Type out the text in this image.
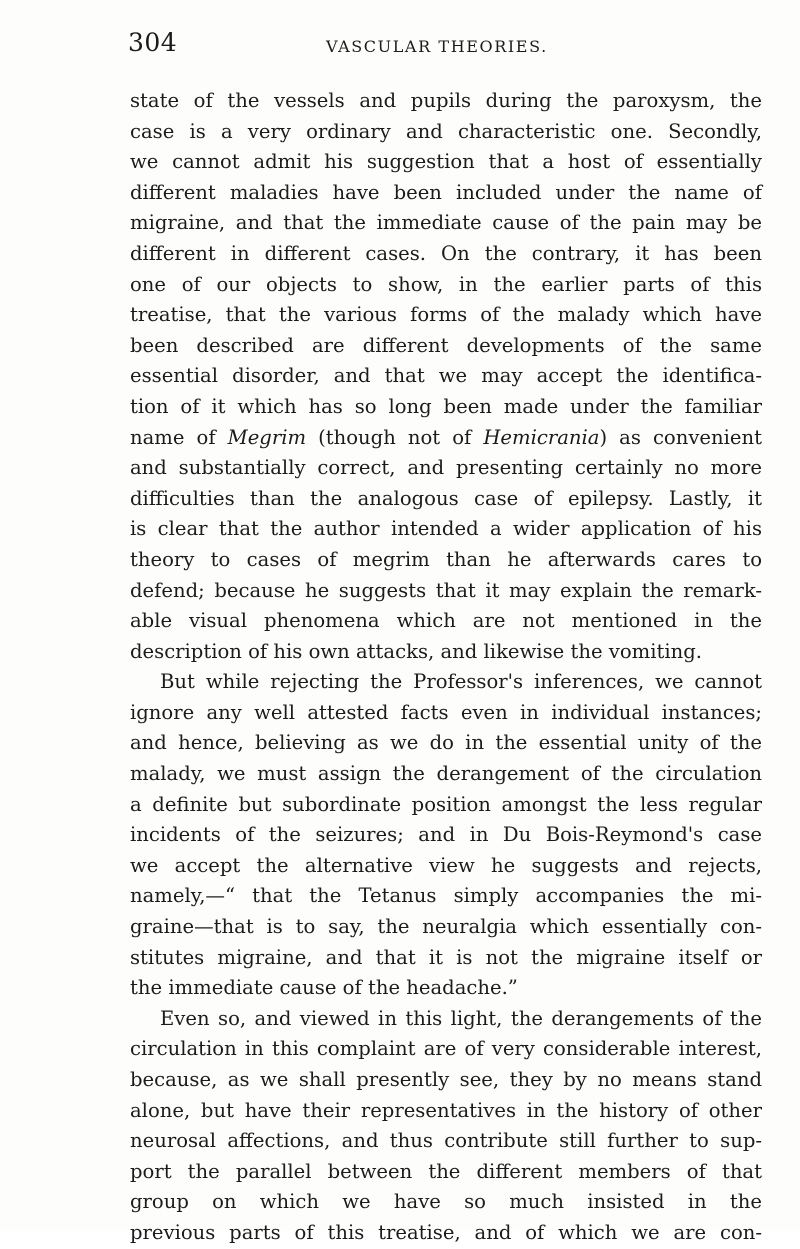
304	VASCULAR THEORIES.
state of the vessels and pupils during the paroxysm, the
case is a very ordinary and characteristic one. Secondly,
we cannot admit his suggestion that a host of essentially
different maladies have been included under the name of
migraine, and that the immediate cause of the pain may be
different in different cases. On the contrary, it has been
one of our objects to show, in the earlier parts of this
treatise, that the various forms of the malady which have
been described are different developments of the same
essential disorder, and that we may accept the identifica-
tion of it which has so long been made under the familiar
name of Megrim (though not of Hemicrania) as convenient
and substantially correct, and presenting certainly no more
difficulties than the analogous case of epilepsy. Lastly, it
is clear that the author intended a wider application of his
theory to cases of megrim than he afterwards cares to
defend; because he suggests that it may explain the remark-
able visual phenomena which are not mentioned in the
description of his own attacks, and likewise the vomiting.
But while rejecting the Professor's inferences, we cannot
ignore any well attested facts even in individual instances;
and hence, believing as we do in the essential unity of the
malady, we must assign the derangement of the circulation
a definite but subordinate position amongst the less regular
incidents of the seizures; and in Du Bois-Reymond's case
we accept the alternative view he suggests and rejects,
namely,—“ that the Tetanus simply accompanies the mi-
graine—that is to say, the neuralgia which essentially con-
stitutes migraine, and that it is not the migraine itself or
the immediate cause of the headache.”
Even so, and viewed in this light, the derangements of the
circulation in this complaint are of very considerable interest,
because, as we shall presently see, they by no means stand
alone, but have their representatives in the history of other
neurosal affections, and thus contribute still further to sup-
port the parallel between the different members of that
group on which we have so much insisted in the
previous parts of this treatise, and of which we are con-
